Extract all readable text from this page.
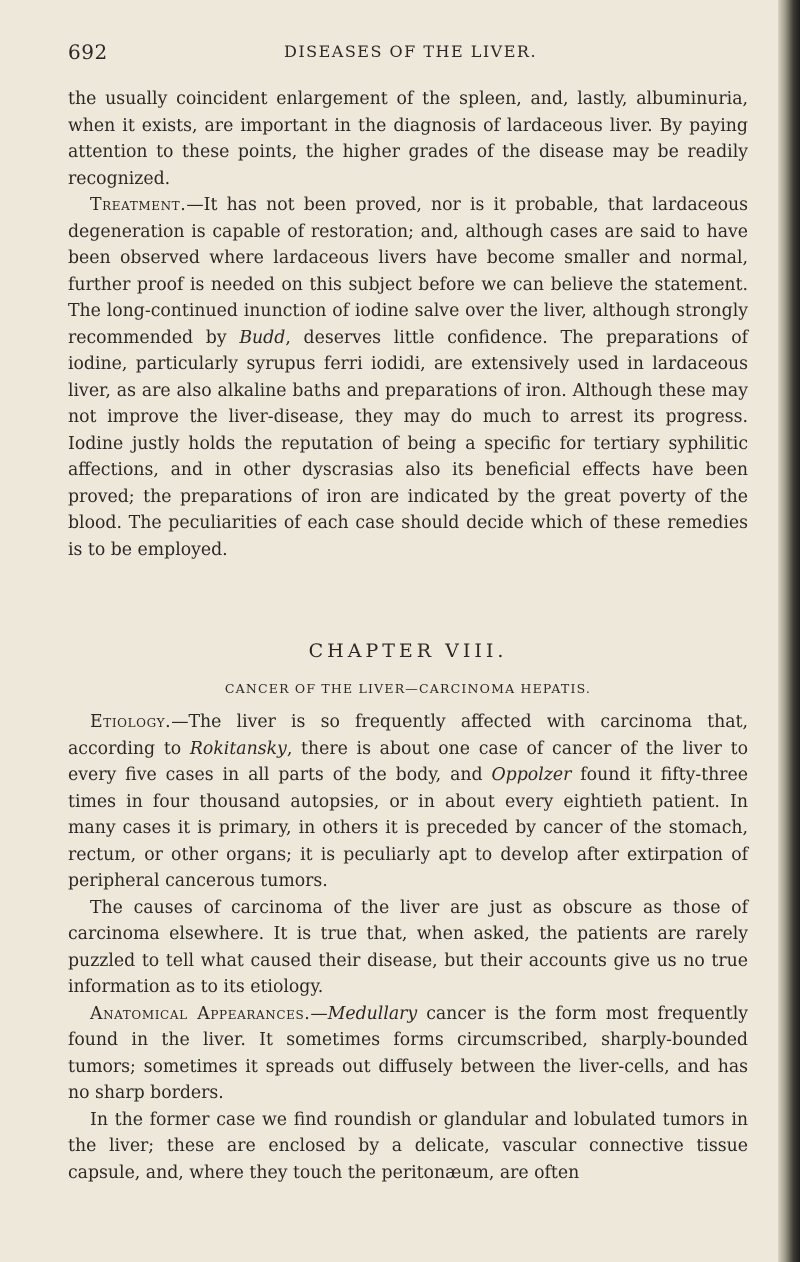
692	DISEASES OF THE LIVER.

the usually coincident enlargement of the spleen, and, lastly, albuminuria, when it exists, are important in the diagnosis of lardaceous liver. By paying attention to these points, the higher grades of the disease may be readily recognized.

Treatment.—It has not been proved, nor is it probable, that lardaceous degeneration is capable of restoration; and, although cases are said to have been observed where lardaceous livers have become smaller and normal, further proof is needed on this subject before we can believe the statement. The long-continued inunction of iodine salve over the liver, although strongly recommended by Budd, deserves little confidence. The preparations of iodine, particularly syrupus ferri iodidi, are extensively used in lardaceous liver, as are also alkaline baths and preparations of iron. Although these may not improve the liver-disease, they may do much to arrest its progress. Iodine justly holds the reputation of being a specific for tertiary syphilitic affections, and in other dyscrasias also its beneficial effects have been proved; the preparations of iron are indicated by the great poverty of the blood. The peculiarities of each case should decide which of these remedies is to be employed.

CHAPTER VIII.
CANCER OF THE LIVER—CARCINOMA HEPATIS.

Etiology.—The liver is so frequently affected with carcinoma that, according to Rokitansky, there is about one case of cancer of the liver to every five cases in all parts of the body, and Oppolzer found it fifty-three times in four thousand autopsies, or in about every eightieth patient. In many cases it is primary, in others it is preceded by cancer of the stomach, rectum, or other organs; it is peculiarly apt to develop after extirpation of peripheral cancerous tumors.

The causes of carcinoma of the liver are just as obscure as those of carcinoma elsewhere. It is true that, when asked, the patients are rarely puzzled to tell what caused their disease, but their accounts give us no true information as to its etiology.

Anatomical Appearances.—Medullary cancer is the form most frequently found in the liver. It sometimes forms circumscribed, sharply-bounded tumors; sometimes it spreads out diffusely between the liver-cells, and has no sharp borders.

In the former case we find roundish or glandular and lobulated tumors in the liver; these are enclosed by a delicate, vascular connective tissue capsule, and, where they touch the peritonæum, are often
